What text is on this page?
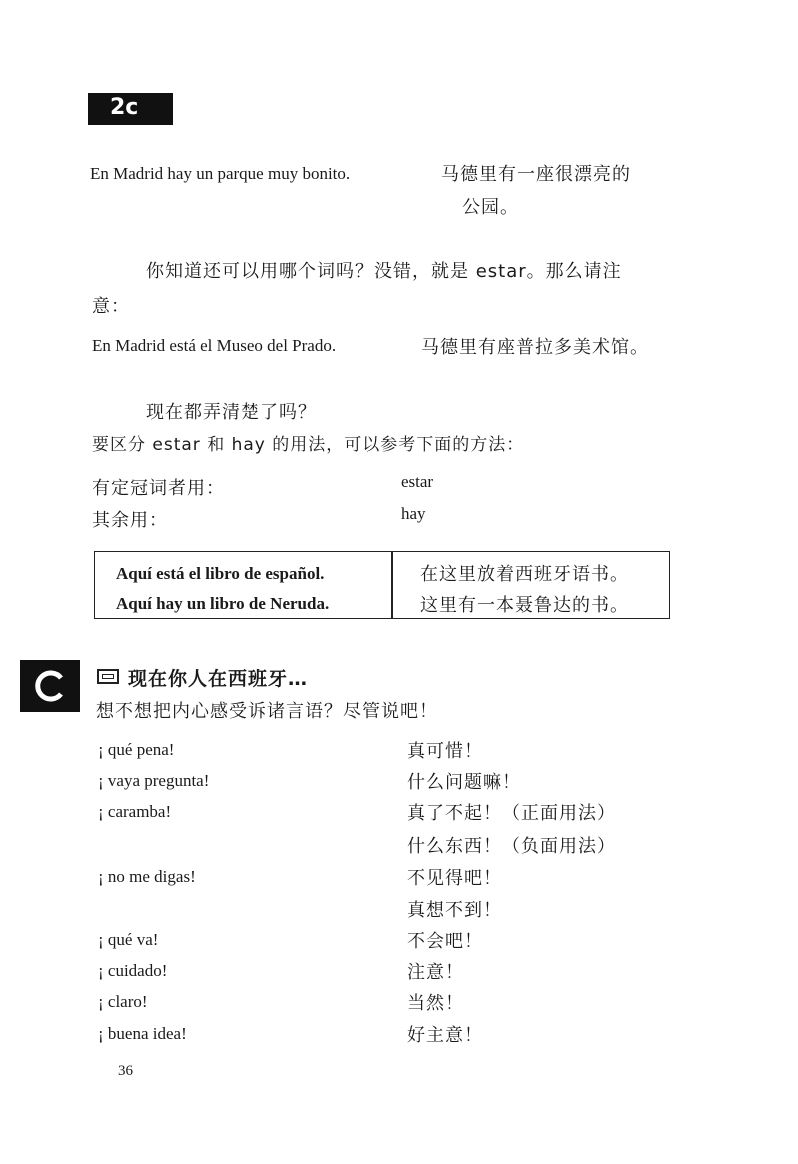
2c
En Madrid hay un parque muy bonito.	马德里有一座很漂亮的
公园。
你知道还可以用哪个词吗？没错，就是 estar。那么请注
意：
En Madrid está el Museo del Prado.	马德里有座普拉多美术馆。
现在都弄清楚了吗？
要区分 estar 和 hay 的用法，可以参考下面的方法：
有定冠词者用：	estar
其余用：	hay
Aquí está el libro de español.	在这里放着西班牙语书。
Aquí hay un libro de Neruda.	这里有一本聂鲁达的书。
现在你人在西班牙…
想不想把内心感受诉诸言语？尽管说吧！
¡ qué pena!	真可惜！
¡ vaya pregunta!	什么问题嘛！
¡ caramba!	真了不起！（正面用法）
什么东西！（负面用法）
¡ no me digas!	不见得吧！
真想不到！
¡ qué va!	不会吧！
¡ cuidado!	注意！
¡ claro!	当然！
¡ buena idea!	好主意！
36
